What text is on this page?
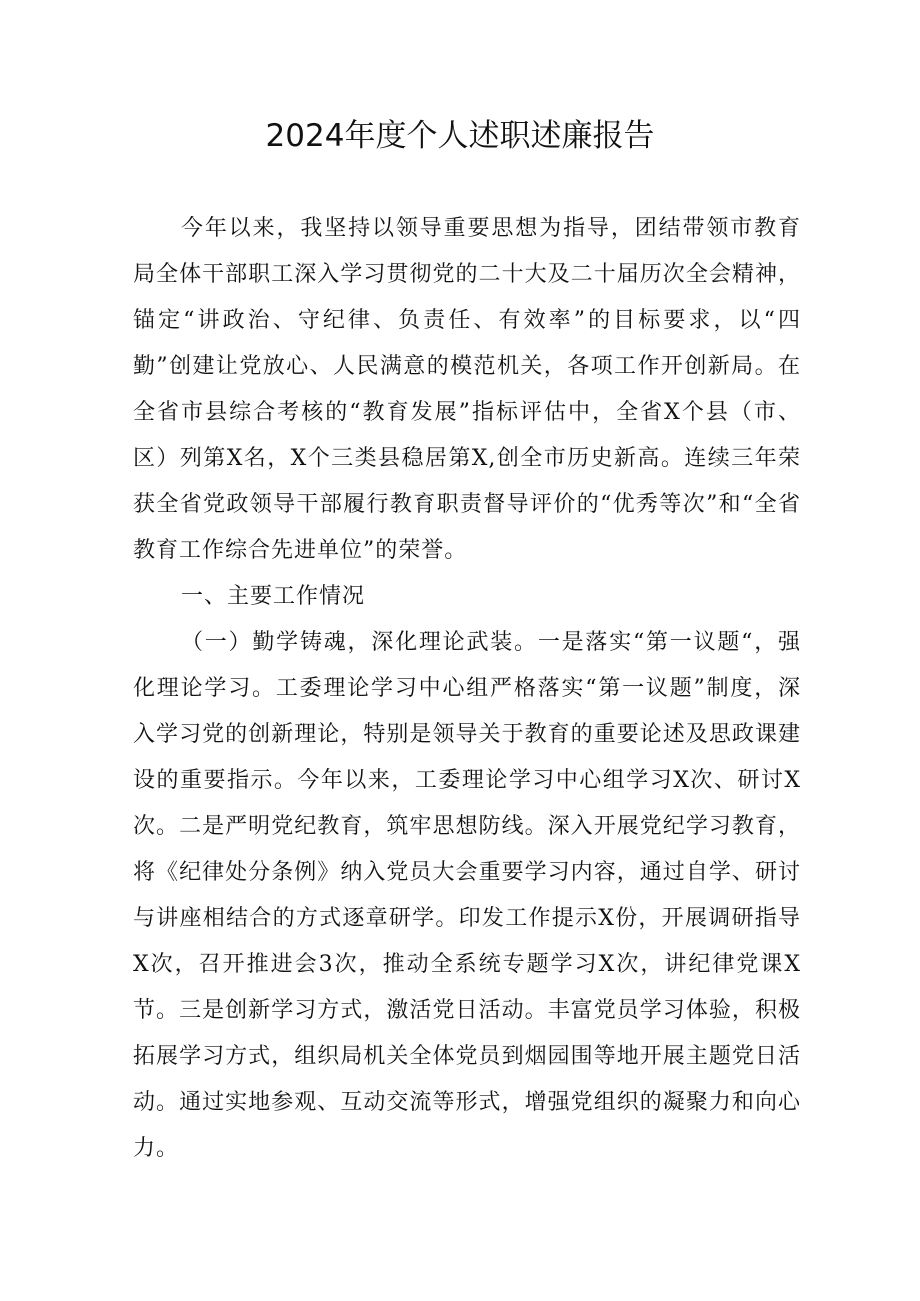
2024年度个人述职述廉报告

今年以来，我坚持以领导重要思想为指导，团结带领市教育局全体干部职工深入学习贯彻党的二十大及二十届历次全会精神，锚定“讲政治、守纪律、负责任、有效率”的目标要求，以“四勤”创建让党放心、人民满意的模范机关，各项工作开创新局。在全省市县综合考核的“教育发展”指标评估中，全省X个县（市、区）列第X名，X个三类县稳居第X,创全市历史新高。连续三年荣获全省党政领导干部履行教育职责督导评价的“优秀等次”和“全省教育工作综合先进单位”的荣誉。

一、主要工作情况

（一）勤学铸魂，深化理论武装。一是落实“第一议题“，强化理论学习。工委理论学习中心组严格落实“第一议题”制度，深入学习党的创新理论，特别是领导关于教育的重要论述及思政课建设的重要指示。今年以来，工委理论学习中心组学习X次、研讨X次。二是严明党纪教育，筑牢思想防线。深入开展党纪学习教育，将《纪律处分条例》纳入党员大会重要学习内容，通过自学、研讨与讲座相结合的方式逐章研学。印发工作提示X份，开展调研指导X次，召开推进会3次，推动全系统专题学习X次，讲纪律党课X节。三是创新学习方式，激活党日活动。丰富党员学习体验，积极拓展学习方式，组织局机关全体党员到烟园围等地开展主题党日活动。通过实地参观、互动交流等形式，增强党组织的凝聚力和向心力。
